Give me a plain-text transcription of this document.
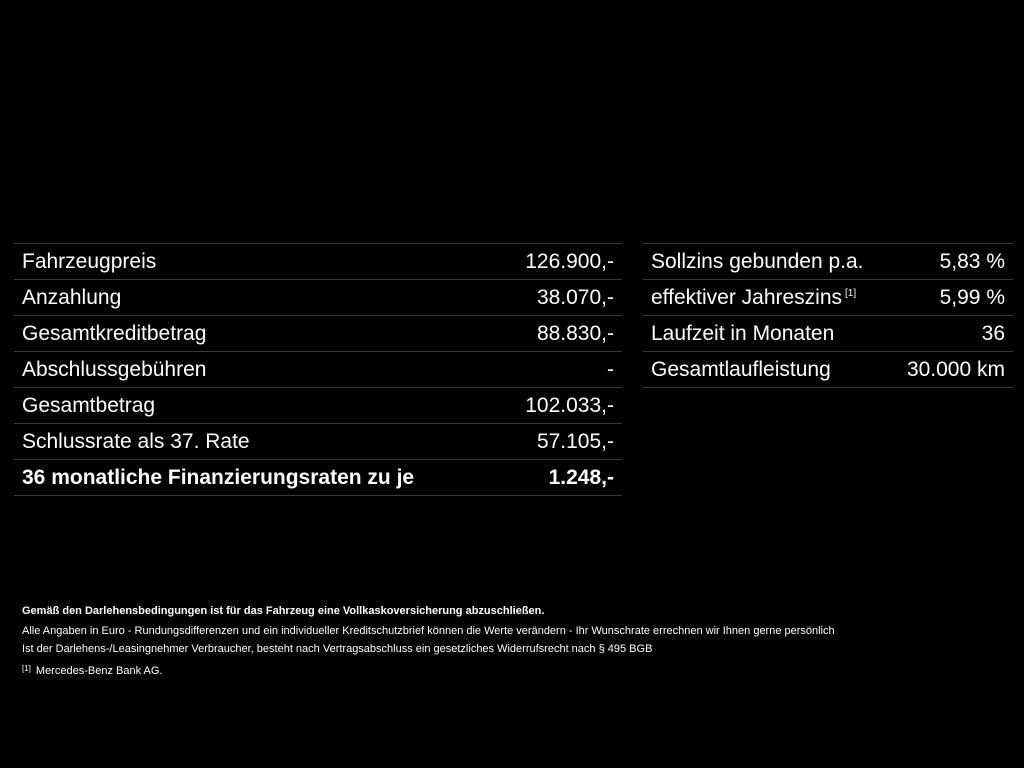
Fahrzeugpreis	126.900,-
Anzahlung	38.070,-
Gesamtkreditbetrag	88.830,-
Abschlussgebühren	-
Gesamtbetrag	102.033,-
Schlussrate als 37. Rate	57.105,-
36 monatliche Finanzierungsraten zu je	1.248,-
Sollzins gebunden p.a.	5,83 %
effektiver Jahreszins [1]	5,99 %
Laufzeit in Monaten	36
Gesamtlaufleistung	30.000 km
Gemäß den Darlehensbedingungen ist für das Fahrzeug eine Vollkaskoversicherung abzuschließen.
Alle Angaben in Euro - Rundungsdifferenzen und ein individueller Kreditschutzbrief können die Werte verändern - Ihr Wunschrate errechnen wir Ihnen gerne persönlich
Ist der Darlehens-/Leasingnehmer Verbraucher, besteht nach Vertragsabschluss ein gesetzliches Widerrufsrecht nach § 495 BGB
[1] Mercedes-Benz Bank AG.
